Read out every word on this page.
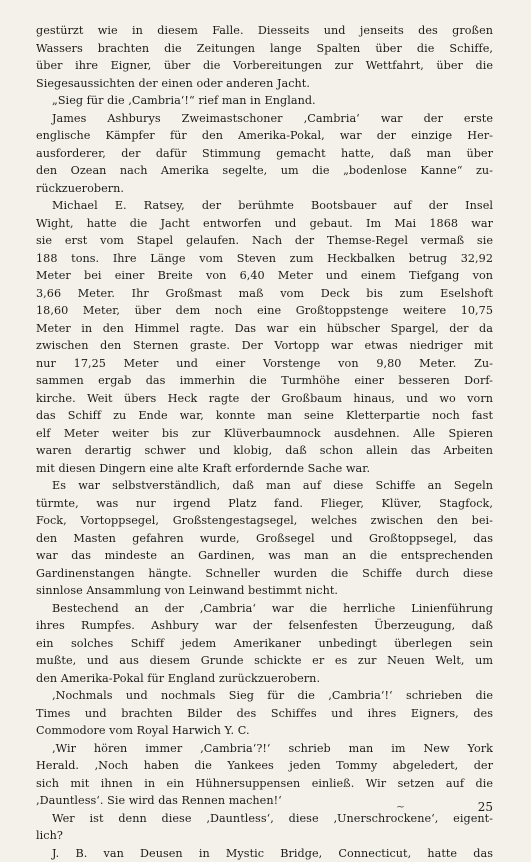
gestürzt wie in diesem Falle. Diesseits und jenseits des großen
Wassers brachten die Zeitungen lange Spalten über die Schiffe,
über ihre Eigner, über die Vorbereitungen zur Wettfahrt, über die
Siegesaussichten der einen oder anderen Jacht.
„Sieg für die ‚Cambria‘!“ rief man in England.
James Ashburys Zweimastschoner ‚Cambria‘ war der erste
englische Kämpfer für den Amerika-Pokal, war der einzige Her-
ausforderer, der dafür Stimmung gemacht hatte, daß man über
den Ozean nach Amerika segelte, um die „bodenlose Kanne“ zu-
rückzuerobern.
Michael E. Ratsey, der berühmte Bootsbauer auf der Insel
Wight, hatte die Jacht entworfen und gebaut. Im Mai 1868 war
sie erst vom Stapel gelaufen. Nach der Themse-Regel vermaß sie
188 tons. Ihre Länge vom Steven zum Heckbalken betrug 32,92
Meter bei einer Breite von 6,40 Meter und einem Tiefgang von
3,66 Meter. Ihr Großmast maß vom Deck bis zum Eselshoft
18,60 Meter, über dem noch eine Großtoppstenge weitere 10,75
Meter in den Himmel ragte. Das war ein hübscher Spargel, der da
zwischen den Sternen graste. Der Vortopp war etwas niedriger mit
nur 17,25 Meter und einer Vorstenge von 9,80 Meter. Zu-
sammen ergab das immerhin die Turmhöhe einer besseren Dorf-
kirche. Weit übers Heck ragte der Großbaum hinaus, und wo vorn
das Schiff zu Ende war, konnte man seine Kletterpartie noch fast
elf Meter weiter bis zur Klüverbaumnock ausdehnen. Alle Spieren
waren derartig schwer und klobig, daß schon allein das Arbeiten
mit diesen Dingern eine alte Kraft erfordernde Sache war.
Es war selbstverständlich, daß man auf diese Schiffe an Segeln
türmte, was nur irgend Platz fand. Flieger, Klüver, Stagfock,
Fock, Vortoppsegel, Großstengestagsegel, welches zwischen den bei-
den Masten gefahren wurde, Großsegel und Großtoppsegel, das
war das mindeste an Gardinen, was man an die entsprechenden
Gardinenstangen hängte. Schneller wurden die Schiffe durch diese
sinnlose Ansammlung von Leinwand bestimmt nicht.
Bestechend an der ‚Cambria‘ war die herrliche Linienführung
ihres Rumpfes. Ashbury war der felsenfesten Überzeugung, daß
ein solches Schiff jedem Amerikaner unbedingt überlegen sein
mußte, und aus diesem Grunde schickte er es zur Neuen Welt, um
den Amerika-Pokal für England zurückzuerobern.
‚Nochmals und nochmals Sieg für die ‚Cambria‘!‘ schrieben die
Times und brachten Bilder des Schiffes und ihres Eigners, des
Commodore vom Royal Harwich Y. C.
‚Wir hören immer ‚Cambria‘?!‘ schrieb man im New York
Herald. ‚Noch haben die Yankees jeden Tommy abgeledert, der
sich mit ihnen in ein Hühnersuppensen einließ. Wir setzen auf die
‚Dauntless‘. Sie wird das Rennen machen!‘
Wer ist denn diese ‚Dauntless‘, diese ‚Unerschrockene‘, eigent-
lich?
J. B. van Deusen in Mystic Bridge, Connecticut, hatte das
~	25
